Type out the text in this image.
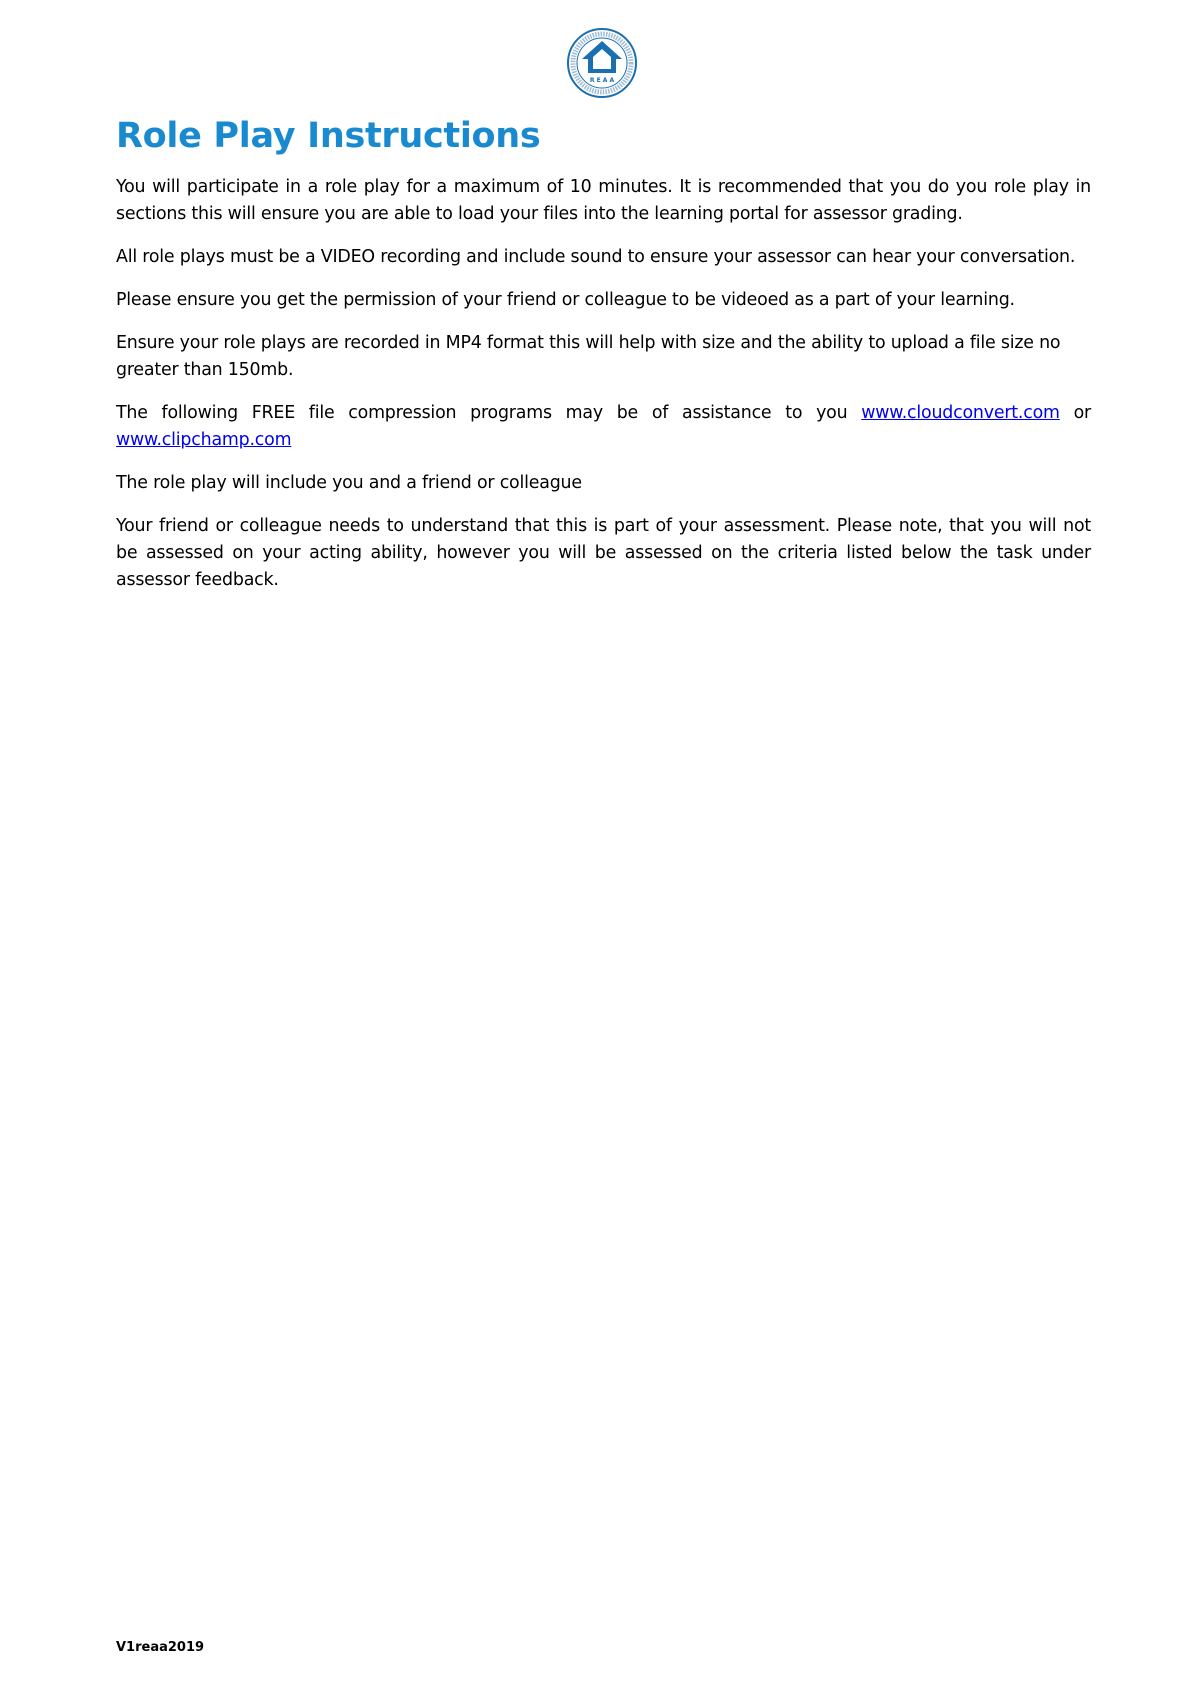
R E A A
Role Play Instructions

You will participate in a role play for a maximum of 10 minutes. It is recommended that you do you role play in sections this will ensure you are able to load your files into the learning portal for assessor grading.

All role plays must be a VIDEO recording and include sound to ensure your assessor can hear your conversation.

Please ensure you get the permission of your friend or colleague to be videoed as a part of your learning.

Ensure your role plays are recorded in MP4 format this will help with size and the ability to upload a file size no greater than 150mb.

The following FREE file compression programs may be of assistance to you www.cloudconvert.com or www.clipchamp.com

The role play will include you and a friend or colleague

Your friend or colleague needs to understand that this is part of your assessment. Please note, that you will not be assessed on your acting ability, however you will be assessed on the criteria listed below the task under assessor feedback.

V1reaa2019
